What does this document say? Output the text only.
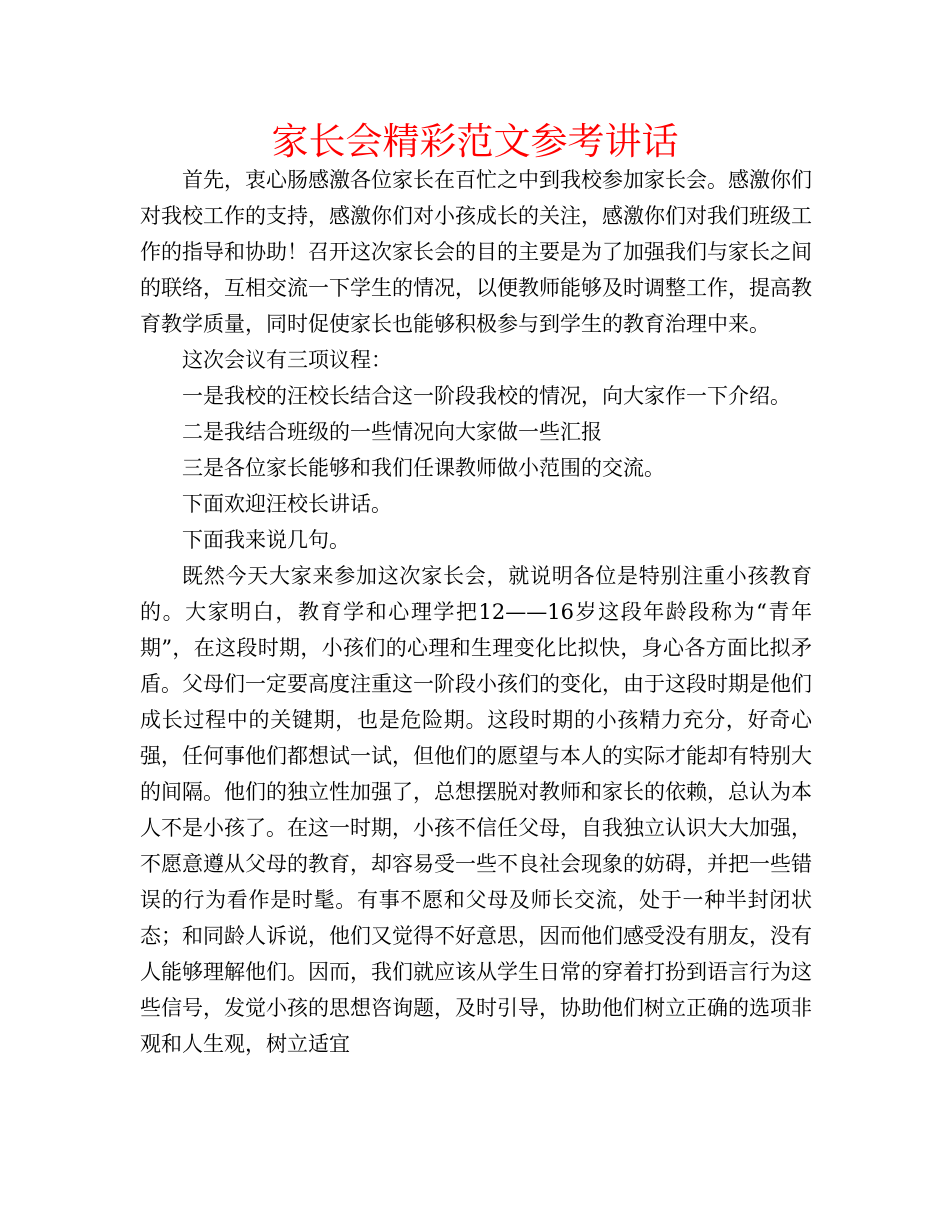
家长会精彩范文参考讲话

首先，衷心肠感激各位家长在百忙之中到我校参加家长会。感激你们对我校工作的支持，感激你们对小孩成长的关注，感激你们对我们班级工作的指导和协助！召开这次家长会的目的主要是为了加强我们与家长之间的联络，互相交流一下学生的情况，以便教师能够及时调整工作，提高教育教学质量，同时促使家长也能够积极参与到学生的教育治理中来。

这次会议有三项议程：

一是我校的汪校长结合这一阶段我校的情况，向大家作一下介绍。

二是我结合班级的一些情况向大家做一些汇报

三是各位家长能够和我们任课教师做小范围的交流。

下面欢迎汪校长讲话。

下面我来说几句。

既然今天大家来参加这次家长会，就说明各位是特别注重小孩教育的。大家明白，教育学和心理学把12——16岁这段年龄段称为“青年期”，在这段时期，小孩们的心理和生理变化比拟快，身心各方面比拟矛盾。父母们一定要高度注重这一阶段小孩们的变化，由于这段时期是他们成长过程中的关键期，也是危险期。这段时期的小孩精力充分，好奇心强，任何事他们都想试一试，但他们的愿望与本人的实际才能却有特别大的间隔。他们的独立性加强了，总想摆脱对教师和家长的依赖，总认为本人不是小孩了。在这一时期，小孩不信任父母，自我独立认识大大加强，不愿意遵从父母的教育，却容易受一些不良社会现象的妨碍，并把一些错误的行为看作是时髦。有事不愿和父母及师长交流，处于一种半封闭状态；和同龄人诉说，他们又觉得不好意思，因而他们感受没有朋友，没有人能够理解他们。因而，我们就应该从学生日常的穿着打扮到语言行为这些信号，发觉小孩的思想咨询题，及时引导，协助他们树立正确的选项非观和人生观，树立适宜
